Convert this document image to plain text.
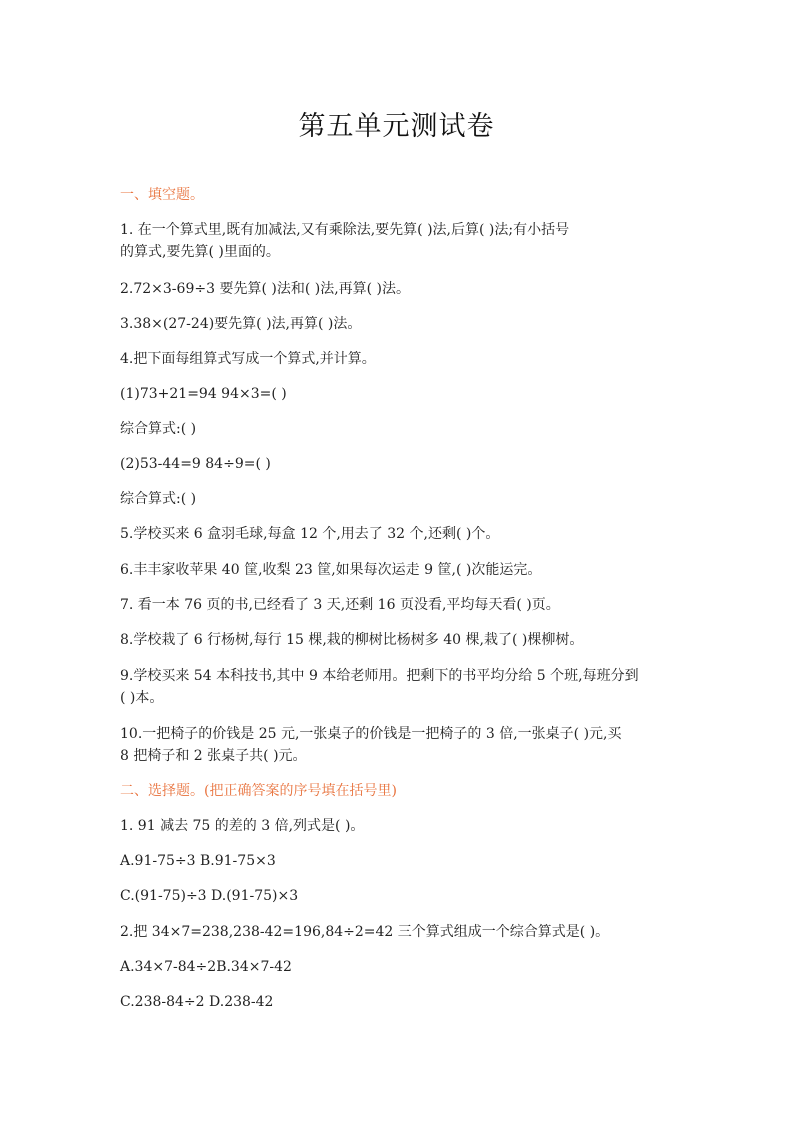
第五单元测试卷
一、填空题。
1. 在一个算式里,既有加减法,又有乘除法,要先算( )法,后算( )法;有小括号
的算式,要先算( )里面的。
2.72×3-69÷3 要先算( )法和( )法,再算( )法。
3.38×(27-24)要先算( )法,再算( )法。
4.把下面每组算式写成一个算式,并计算。
(1)73+21=94 94×3=( )
综合算式:( )
(2)53-44=9 84÷9=( )
综合算式:( )
5.学校买来 6 盒羽毛球,每盒 12 个,用去了 32 个,还剩( )个。
6.丰丰家收苹果 40 筐,收梨 23 筐,如果每次运走 9 筐,( )次能运完。
7. 看一本 76 页的书,已经看了 3 天,还剩 16 页没看,平均每天看( )页。
8.学校栽了 6 行杨树,每行 15 棵,栽的柳树比杨树多 40 棵,栽了( )棵柳树。
9.学校买来 54 本科技书,其中 9 本给老师用。把剩下的书平均分给 5 个班,每班分到
( )本。
10.一把椅子的价钱是 25 元,一张桌子的价钱是一把椅子的 3 倍,一张桌子( )元,买
8 把椅子和 2 张桌子共( )元。
二、选择题。(把正确答案的序号填在括号里)
1. 91 减去 75 的差的 3 倍,列式是( )。
A.91-75÷3 B.91-75×3
C.(91-75)÷3 D.(91-75)×3
2.把 34×7=238,238-42=196,84÷2=42 三个算式组成一个综合算式是( )。
A.34×7-84÷2B.34×7-42
C.238-84÷2 D.238-42
